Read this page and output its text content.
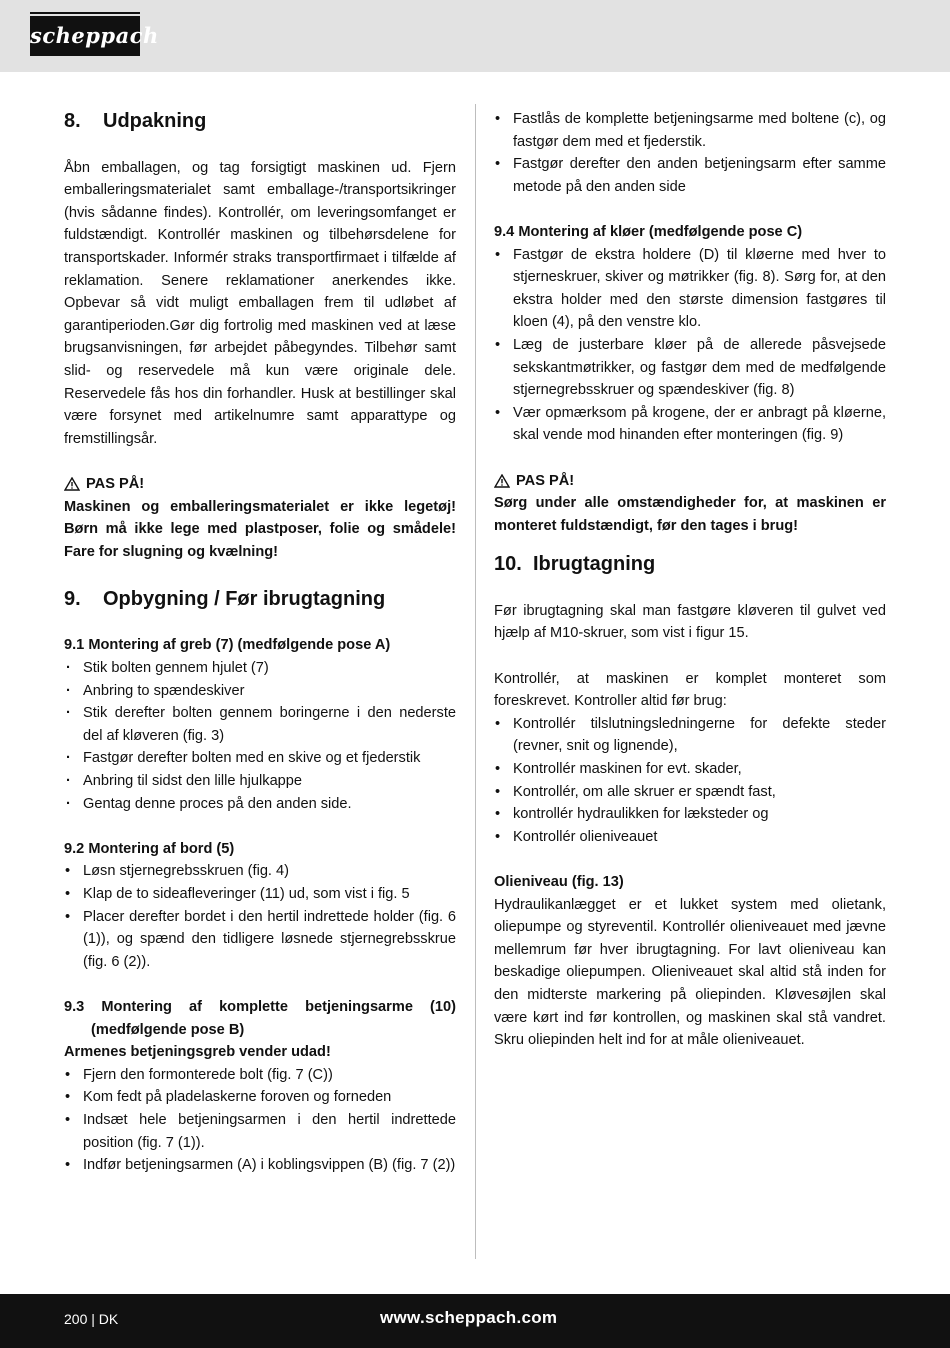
scheppach
8.	Udpakning

Åbn emballagen, og tag forsigtigt maskinen ud. Fjern emballeringsmaterialet samt emballage-/transportsikringer (hvis sådanne findes). Kontrollér, om leveringsomfanget er fuldstændigt. Kontrollér maskinen og tilbehørsdelene for transportskader. Informér straks transportfirmaet i tilfælde af reklamation. Senere reklamationer anerkendes ikke. Opbevar så vidt muligt emballagen frem til udløbet af garantiperioden.Gør dig fortrolig med maskinen ved at læse brugsanvisningen, før arbejdet påbegyndes. Tilbehør samt slid- og reservedele må kun være originale dele. Reservedele fås hos din forhandler. Husk at bestillinger skal være forsynet med artikelnumre samt apparattype og fremstillingsår.

PAS PÅ!

Maskinen og emballeringsmaterialet er ikke legetøj! Børn må ikke lege med plastposer, folie og smådele! Fare for slugning og kvælning!

9.	Opbygning / Før ibrugtagning
9.1 Montering af greb (7) (medfølgende pose A)
· Stik bolten gennem hjulet (7)
· Anbring to spændeskiver
· Stik derefter bolten gennem boringerne i den nederste del af kløveren (fig. 3)
· Fastgør derefter bolten med en skive og et fjederstik
· Anbring til sidst den lille hjulkappe
· Gentag denne proces på den anden side.
9.2 Montering af bord (5)
• Løsn stjernegrebsskruen (fig. 4)
• Klap de to sideafleveringer (11) ud, som vist i fig. 5
• Placer derefter bordet i den hertil indrettede holder (fig. 6 (1)), og spænd den tidligere løsnede stjernegrebsskrue (fig. 6 (2)).

9.3 Montering af komplette betjeningsarme (10)

(medfølgende pose B)
Armenes betjeningsgreb vender udad!
• Fjern den formonterede bolt (fig. 7 (C))
• Kom fedt på pladelaskerne foroven og forneden
• Indsæt hele betjeningsarmen i den hertil indrettede position (fig. 7 (1)).
• Indfør betjeningsarmen (A) i koblingsvippen (B) (fig. 7 (2))
• Fastlås de komplette betjeningsarme med boltene (c), og fastgør dem med et fjederstik.
• Fastgør derefter den anden betjeningsarm efter samme metode på den anden side
9.4 Montering af kløer (medfølgende pose C)
• Fastgør de ekstra holdere (D) til kløerne med hver to stjerneskruer, skiver og møtrikker (fig. 8). Sørg for, at den ekstra holder med den største dimension fastgøres til kloen (4), på den venstre klo.
• Læg de justerbare kløer på de allerede påsvejsede sekskantmøtrikker, og fastgør dem med de medfølgende stjernegrebsskruer og spændeskiver (fig. 8)
• Vær opmærksom på krogene, der er anbragt på kløerne, skal vende mod hinanden efter monteringen (fig. 9)
PAS PÅ!

Sørg under alle omstændigheder for, at maskinen er monteret fuldstændigt, før den tages i brug!

10. Ibrugtagning

Før ibrugtagning skal man fastgøre kløveren til gulvet ved hjælp af M10-skruer, som vist i figur 15.

Kontrollér, at maskinen er komplet monteret som foreskrevet. Kontroller altid før brug:

• Kontrollér tilslutningsledningerne for defekte steder (revner, snit og lignende),
• Kontrollér maskinen for evt. skader,
• Kontrollér, om alle skruer er spændt fast,
• kontrollér hydraulikken for læksteder og
• Kontrollér olieniveauet
Olieniveau (fig. 13)

Hydraulikanlægget er et lukket system med olietank, oliepumpe og styreventil. Kontrollér olieniveauet med jævne mellemrum før hver ibrugtagning. For lavt olieniveau kan beskadige oliepumpen. Olieniveauet skal altid stå inden for den midterste markering på oliepinden. Kløvesøjlen skal være kørt ind før kontrollen, og maskinen skal stå vandret. Skru oliepinden helt ind for at måle olieniveauet.

200 | DK	www.scheppach.com
